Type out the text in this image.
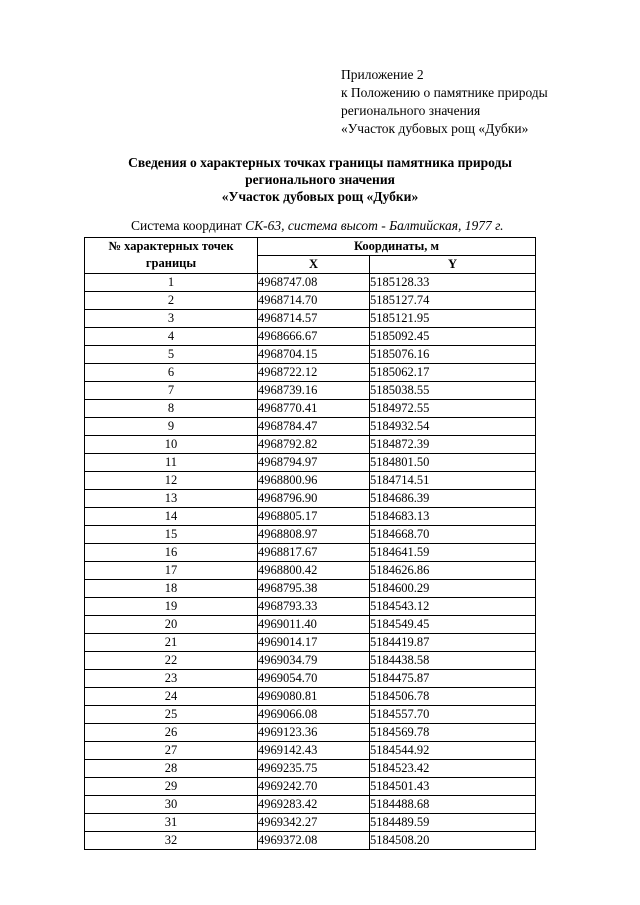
Приложение 2
к Положению о памятнике природы
регионального значения
«Участок дубовых рощ «Дубки»
Сведения о характерных точках границы памятника природы
регионального значения
«Участок дубовых рощ «Дубки»
Система координат СК-63, система высот - Балтийская, 1977 г.
№ характерных точек границы	Координаты, м	
	X	Y
1	4968747.08	5185128.33
2	4968714.70	5185127.74
3	4968714.57	5185121.95
4	4968666.67	5185092.45
5	4968704.15	5185076.16
6	4968722.12	5185062.17
7	4968739.16	5185038.55
8	4968770.41	5184972.55
9	4968784.47	5184932.54
10	4968792.82	5184872.39
11	4968794.97	5184801.50
12	4968800.96	5184714.51
13	4968796.90	5184686.39
14	4968805.17	5184683.13
15	4968808.97	5184668.70
16	4968817.67	5184641.59
17	4968800.42	5184626.86
18	4968795.38	5184600.29
19	4968793.33	5184543.12
20	4969011.40	5184549.45
21	4969014.17	5184419.87
22	4969034.79	5184438.58
23	4969054.70	5184475.87
24	4969080.81	5184506.78
25	4969066.08	5184557.70
26	4969123.36	5184569.78
27	4969142.43	5184544.92
28	4969235.75	5184523.42
29	4969242.70	5184501.43
30	4969283.42	5184488.68
31	4969342.27	5184489.59
32	4969372.08	5184508.20
